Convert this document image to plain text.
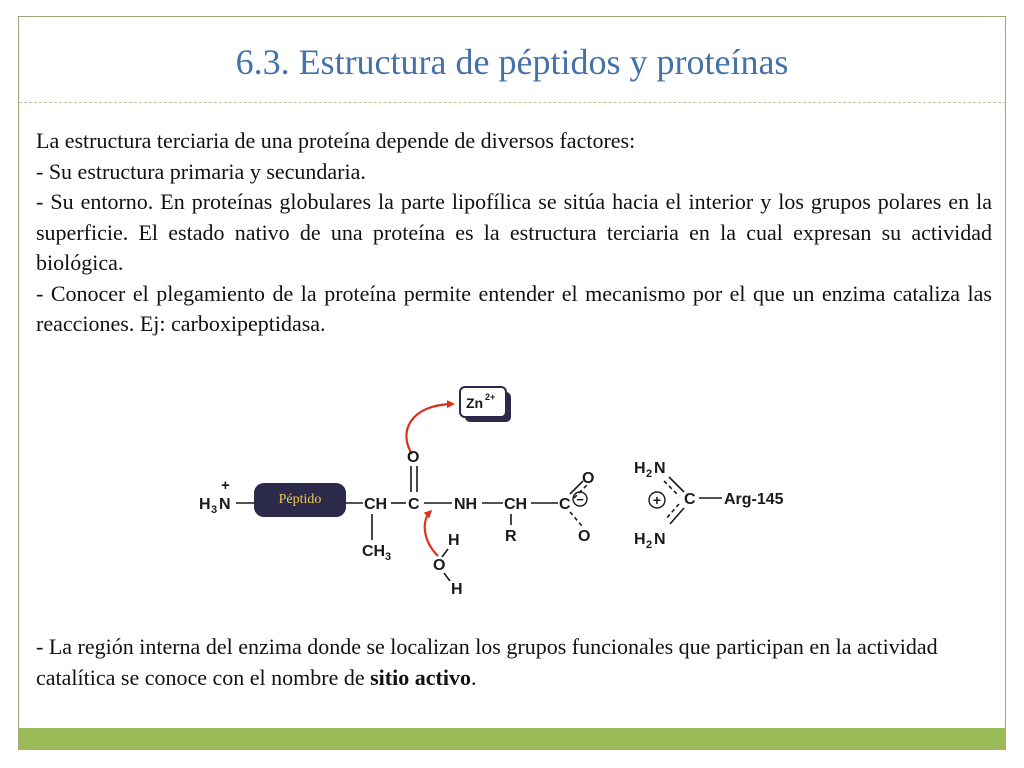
6.3. Estructura de péptidos y proteínas

La estructura terciaria de una proteína depende de diversos factores:

- Su estructura primaria y secundaria.

- Su entorno. En proteínas globulares la parte lipofílica se sitúa hacia el interior y los grupos polares en la superficie. El estado nativo de una proteína es la estructura terciaria en la cual expresan su actividad biológica.

- Conocer el plegamiento de la proteína permite entender el mecanismo por el que un enzima cataliza las reacciones. Ej: carboxipeptidasa.

Zn 2+
+
H 3 N	Péptido	CH
CH 3
C
O
NH CH
R
C −
O
O
H
O
H
H 2 N
+ C Arg-145
H 2 N

- La región interna del enzima donde se localizan los grupos funcionales que participan en la actividad catalítica se conoce con el nombre de sitio activo.
